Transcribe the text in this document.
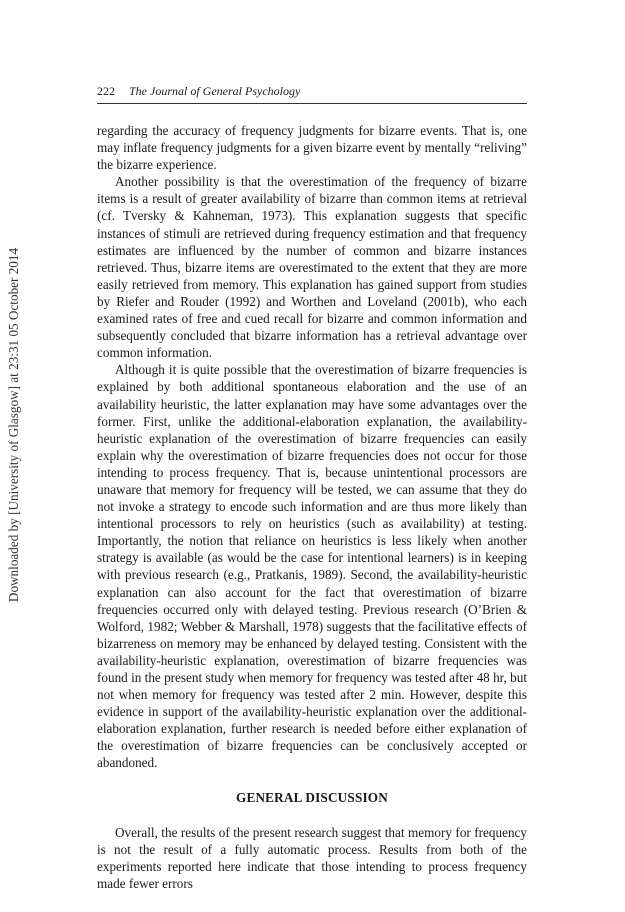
Downloaded by [University of Glasgow] at 23:31 05 October 2014
222 The Journal of General Psychology

regarding the accuracy of frequency judgments for bizarre events. That is, one may inflate frequency judgments for a given bizarre event by mentally “reliving” the bizarre experience.

Another possibility is that the overestimation of the frequency of bizarre items is a result of greater availability of bizarre than common items at retrieval (cf. Tversky & Kahneman, 1973). This explanation suggests that specific instances of stimuli are retrieved during frequency estimation and that frequency estimates are influenced by the number of common and bizarre instances retrieved. Thus, bizarre items are overestimated to the extent that they are more easily retrieved from memory. This explanation has gained support from studies by Riefer and Rouder (1992) and Worthen and Loveland (2001b), who each examined rates of free and cued recall for bizarre and common information and subsequently concluded that bizarre information has a retrieval advantage over common information.

Although it is quite possible that the overestimation of bizarre frequencies is explained by both additional spontaneous elaboration and the use of an availability heuristic, the latter explanation may have some advantages over the former. First, unlike the additional-elaboration explanation, the availability-heuristic explanation of the overestimation of bizarre frequencies can easily explain why the overestimation of bizarre frequencies does not occur for those intending to process frequency. That is, because unintentional processors are unaware that memory for frequency will be tested, we can assume that they do not invoke a strategy to encode such information and are thus more likely than intentional processors to rely on heuristics (such as availability) at testing. Importantly, the notion that reliance on heuristics is less likely when another strategy is available (as would be the case for intentional learners) is in keeping with previous research (e.g., Pratkanis, 1989). Second, the availability-heuristic explanation can also account for the fact that overestimation of bizarre frequencies occurred only with delayed testing. Previous research (O’Brien & Wolford, 1982; Webber & Marshall, 1978) suggests that the facilitative effects of bizarreness on memory may be enhanced by delayed testing. Consistent with the availability-heuristic explanation, overestimation of bizarre frequencies was found in the present study when memory for frequency was tested after 48 hr, but not when memory for frequency was tested after 2 min. However, despite this evidence in support of the availability-heuristic explanation over the additional-elaboration explanation, further research is needed before either explanation of the overestimation of bizarre frequencies can be conclusively accepted or abandoned.

GENERAL DISCUSSION

Overall, the results of the present research suggest that memory for frequency is not the result of a fully automatic process. Results from both of the experiments reported here indicate that those intending to process frequency made fewer errors
